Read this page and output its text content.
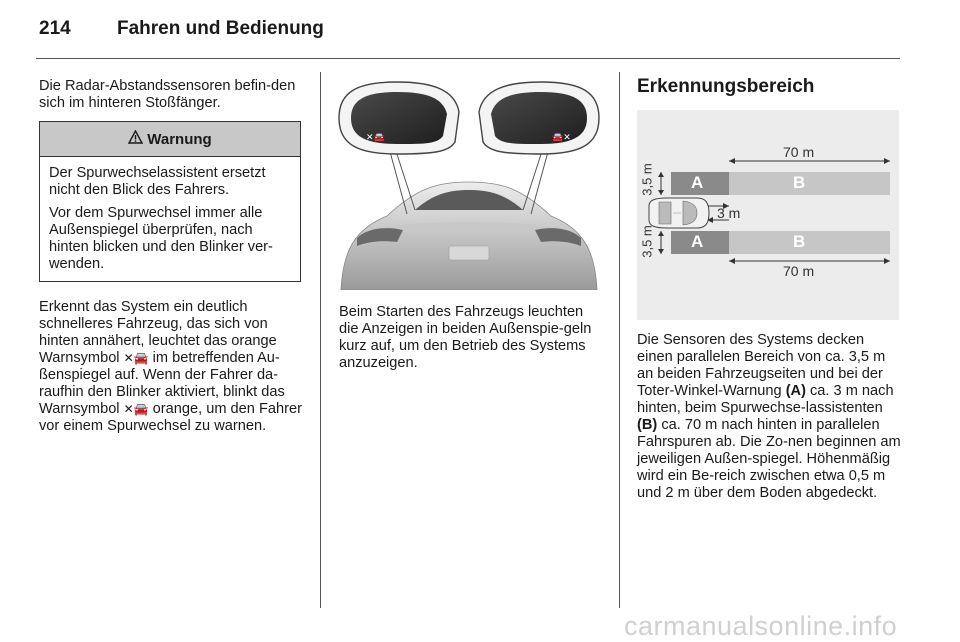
214 Fahren und Bedienung

Die Radar-Abstandssensoren befin-den sich im hinteren Stoßfänger.

Warnung

Der Spurwechselassistent ersetzt nicht den Blick des Fahrers.

Vor dem Spurwechsel immer alle Außenspiegel überprüfen, nach hinten blicken und den Blinker ver-wenden.

Erkennt das System ein deutlich schnelleres Fahrzeug, das sich von hinten annähert, leuchtet das orange Warnsymbol ✕🚘 im betreffenden Au-ßenspiegel auf. Wenn der Fahrer da-raufhin den Blinker aktiviert, blinkt das Warnsymbol ✕🚘 orange, um den Fahrer vor einem Spurwechsel zu warnen.

✕🚘	🚘✕

Beim Starten des Fahrzeugs leuchten die Anzeigen in beiden Außenspie-geln kurz auf, um den Betrieb des Systems anzuzeigen.

Erkennungsbereich
70 m
70 m
3,5 m
3,5 m
3 m
A	B
A	B

Die Sensoren des Systems decken einen parallelen Bereich von ca. 3,5 m an beiden Fahrzeugseiten und bei der Toter-Winkel-Warnung (A) ca. 3 m nach hinten, beim Spurwechse-lassistenten (B) ca. 70 m nach hinten in parallelen Fahrspuren ab. Die Zo-nen beginnen am jeweiligen Außen-spiegel. Höhenmäßig wird ein Be-reich zwischen etwa 0,5 m und 2 m über dem Boden abgedeckt.

carmanualsonline.info
